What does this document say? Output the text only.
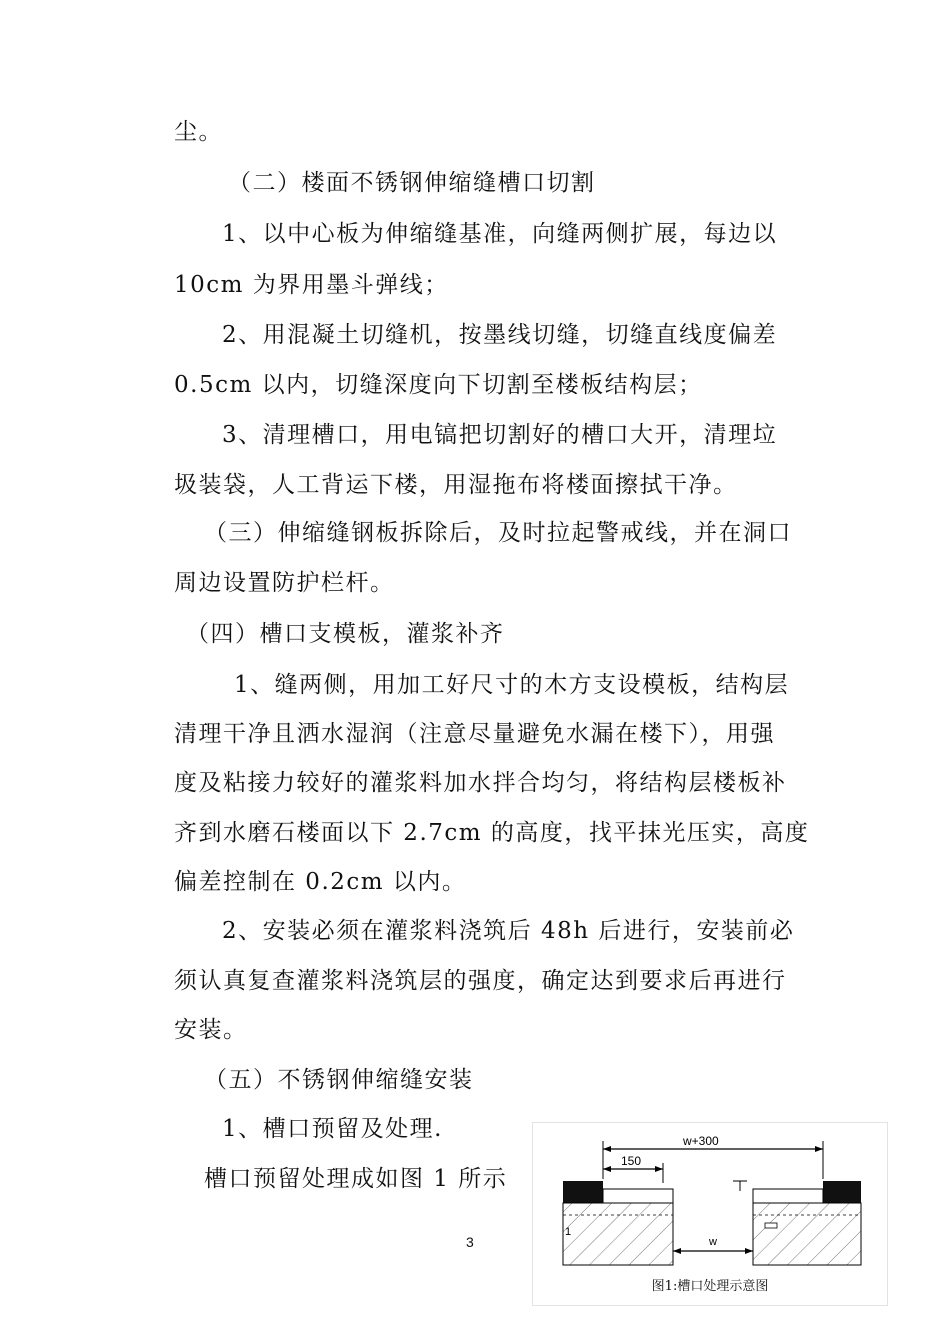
尘。
（二）楼面不锈钢伸缩缝槽口切割
1、以中心板为伸缩缝基准，向缝两侧扩展，每边以
10cm 为界用墨斗弹线；
2、用混凝土切缝机，按墨线切缝，切缝直线度偏差
0.5cm 以内，切缝深度向下切割至楼板结构层；
3、清理槽口，用电镐把切割好的槽口大开，清理垃
圾装袋，人工背运下楼，用湿拖布将楼面擦拭干净。
（三）伸缩缝钢板拆除后，及时拉起警戒线，并在洞口
周边设置防护栏杆。
（四）槽口支模板，灌浆补齐
1、缝两侧，用加工好尺寸的木方支设模板，结构层
清理干净且洒水湿润（注意尽量避免水漏在楼下），用强
度及粘接力较好的灌浆料加水拌合均匀，将结构层楼板补
齐到水磨石楼面以下 2.7cm 的高度，找平抹光压实，高度
偏差控制在 0.2cm 以内。
2、安装必须在灌浆料浇筑后 48h 后进行，安装前必
须认真复查灌浆料浇筑层的强度，确定达到要求后再进行
安装。
（五）不锈钢伸缩缝安装
1、槽口预留及处理.
槽口预留处理成如图 1 所示
3
w+300
150
w
1
图1:槽口处理示意图
